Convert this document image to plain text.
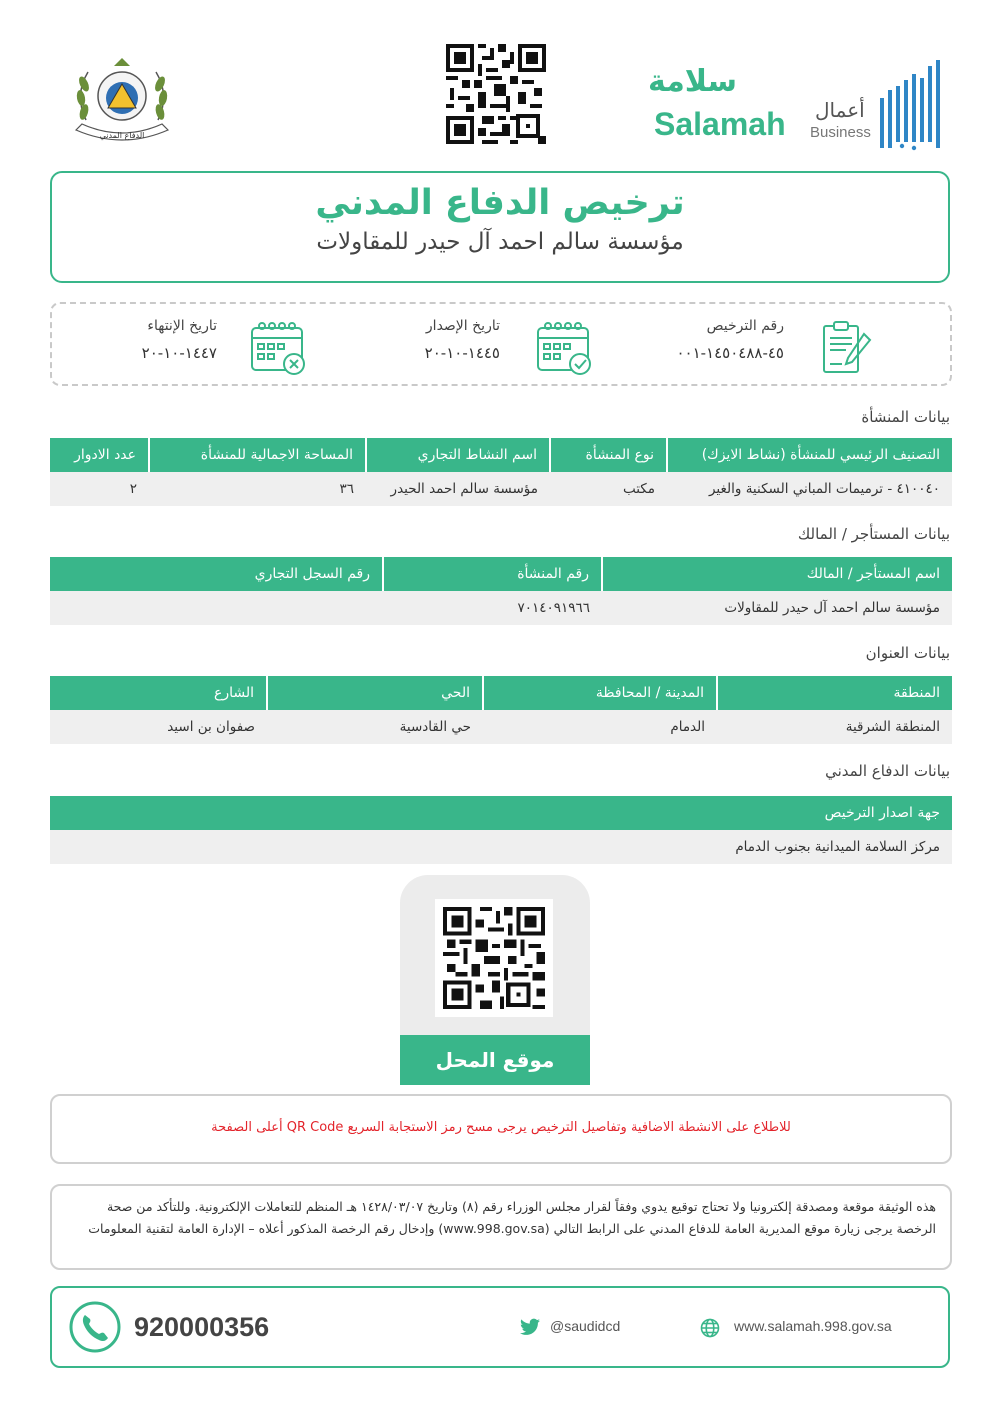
الدفاع المدني
سلامة
Salamah أعمال
Business
ترخيص الدفاع المدني
مؤسسة سالم احمد آل حيدر للمقاولات
رقم الترخيص
٤٥-١٤٥٠٤٨٨-٠٠١
تاريخ الإصدار
١٤٤٥-١٠-٢٠
تاريخ الإنتهاء
١٤٤٧-١٠-٢٠
بيانات المنشأة
التصنيف الرئيسي للمنشأة (نشاط الايزك)	نوع المنشأة	اسم النشاط التجاري	المساحة الاجمالية للمنشأة	عدد الادوار
٤١٠٠٤٠ - ترميمات المباني السكنية والغير	مكتب	مؤسسة سالم احمد الحيدر	٣٦	٢
بيانات المستأجر / المالك
اسم المستأجر / المالك	رقم المنشأة	رقم السجل التجاري
مؤسسة سالم احمد آل حيدر للمقاولات	٧٠١٤٠٩١٩٦٦	
بيانات العنوان
المنطقة	المدينة / المحافظة	الحي	الشارع
المنطقة الشرقية	الدمام	حي القادسية	صفوان بن اسيد
بيانات الدفاع المدني
جهة اصدار الترخيص
مركز السلامة الميدانية بجنوب الدمام
موقع المحل
للاطلاع على الانشطة الاضافية وتفاصيل الترخيص يرجى مسح رمز الاستجابة السريع QR Code أعلى الصفحة

هذه الوثيقة موقعة ومصدقة إلكترونيا ولا تحتاج توقيع يدوي وفقاً لقرار مجلس الوزراء رقم (٨) وتاريخ ١٤٢٨/٠٣/٠٧ هـ المنظم للتعاملات الإلكترونية. وللتأكد من صحة الرخصة يرجى زيارة موقع المديرية العامة للدفاع المدني على الرابط التالي (www.998.gov.sa) وإدخال رقم الرخصة المذكور أعلاه – الإدارة العامة لتقنية المعلومات

920000356	@saudidcd	www.salamah.998.gov.sa
